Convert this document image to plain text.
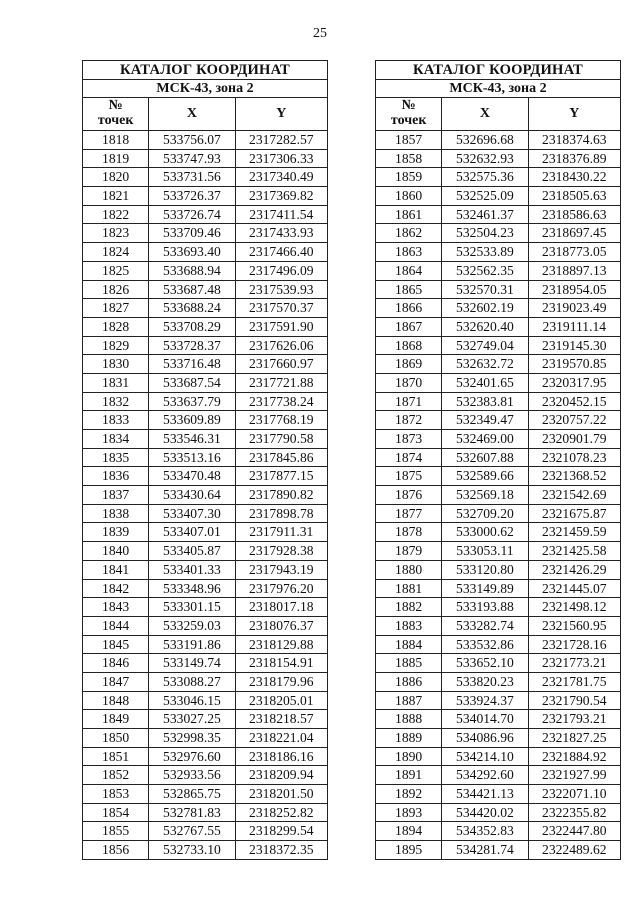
25
КАТАЛОГ КООРДИНАТ		
МСК-43, зона 2		
№
точек	X	Y
1818	533756.07	2317282.57
1819	533747.93	2317306.33
1820	533731.56	2317340.49
1821	533726.37	2317369.82
1822	533726.74	2317411.54
1823	533709.46	2317433.93
1824	533693.40	2317466.40
1825	533688.94	2317496.09
1826	533687.48	2317539.93
1827	533688.24	2317570.37
1828	533708.29	2317591.90
1829	533728.37	2317626.06
1830	533716.48	2317660.97
1831	533687.54	2317721.88
1832	533637.79	2317738.24
1833	533609.89	2317768.19
1834	533546.31	2317790.58
1835	533513.16	2317845.86
1836	533470.48	2317877.15
1837	533430.64	2317890.82
1838	533407.30	2317898.78
1839	533407.01	2317911.31
1840	533405.87	2317928.38
1841	533401.33	2317943.19
1842	533348.96	2317976.20
1843	533301.15	2318017.18
1844	533259.03	2318076.37
1845	533191.86	2318129.88
1846	533149.74	2318154.91
1847	533088.27	2318179.96
1848	533046.15	2318205.01
1849	533027.25	2318218.57
1850	532998.35	2318221.04
1851	532976.60	2318186.16
1852	532933.56	2318209.94
1853	532865.75	2318201.50
1854	532781.83	2318252.82
1855	532767.55	2318299.54
1856	532733.10	2318372.35
КАТАЛОГ КООРДИНАТ		
МСК-43, зона 2		
№
точек	X	Y
1857	532696.68	2318374.63
1858	532632.93	2318376.89
1859	532575.36	2318430.22
1860	532525.09	2318505.63
1861	532461.37	2318586.63
1862	532504.23	2318697.45
1863	532533.89	2318773.05
1864	532562.35	2318897.13
1865	532570.31	2318954.05
1866	532602.19	2319023.49
1867	532620.40	2319111.14
1868	532749.04	2319145.30
1869	532632.72	2319570.85
1870	532401.65	2320317.95
1871	532383.81	2320452.15
1872	532349.47	2320757.22
1873	532469.00	2320901.79
1874	532607.88	2321078.23
1875	532589.66	2321368.52
1876	532569.18	2321542.69
1877	532709.20	2321675.87
1878	533000.62	2321459.59
1879	533053.11	2321425.58
1880	533120.80	2321426.29
1881	533149.89	2321445.07
1882	533193.88	2321498.12
1883	533282.74	2321560.95
1884	533532.86	2321728.16
1885	533652.10	2321773.21
1886	533820.23	2321781.75
1887	533924.37	2321790.54
1888	534014.70	2321793.21
1889	534086.96	2321827.25
1890	534214.10	2321884.92
1891	534292.60	2321927.99
1892	534421.13	2322071.10
1893	534420.02	2322355.82
1894	534352.83	2322447.80
1895	534281.74	2322489.62
